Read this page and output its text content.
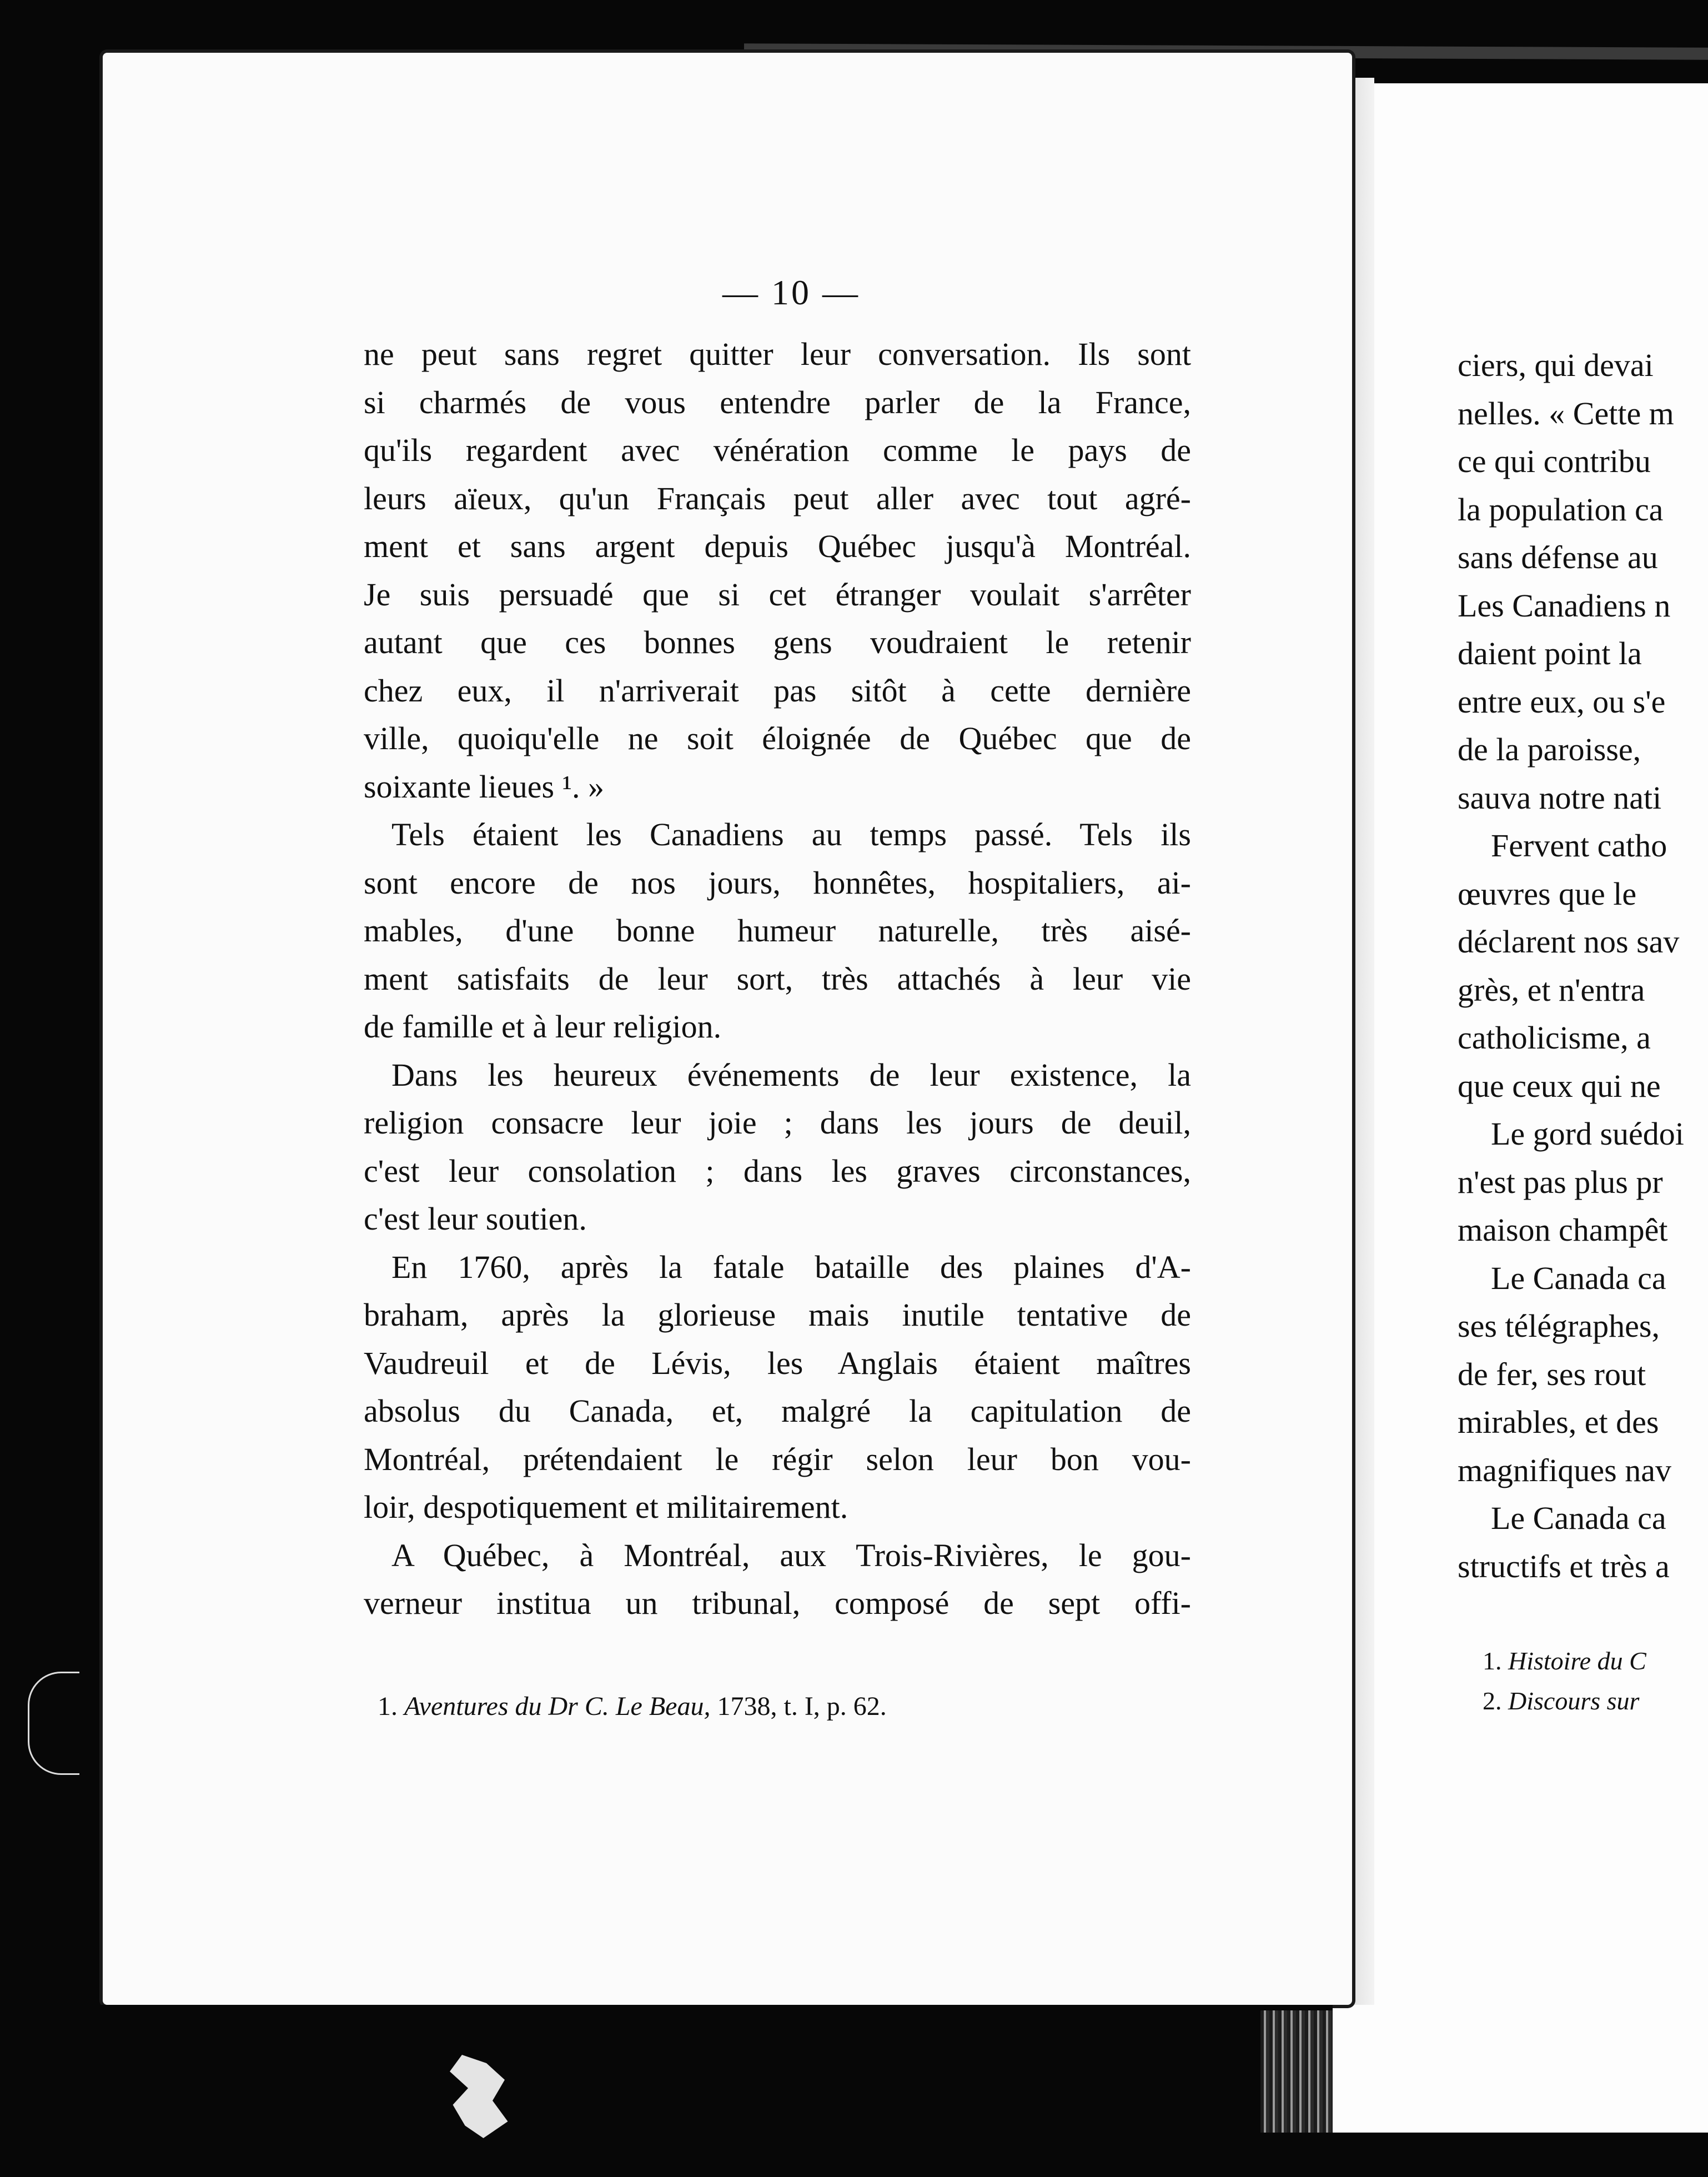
— 10 —
ne peut sans regret quitter leur conversation. Ils sont
si charmés de vous entendre parler de la France,
qu'ils regardent avec vénération comme le pays de
leurs aïeux, qu'un Français peut aller avec tout agré-
ment et sans argent depuis Québec jusqu'à Montréal.
Je suis persuadé que si cet étranger voulait s'arrêter
autant que ces bonnes gens voudraient le retenir
chez eux, il n'arriverait pas sitôt à cette dernière
ville, quoiqu'elle ne soit éloignée de Québec que de
soixante lieues ¹. »
Tels étaient les Canadiens au temps passé. Tels ils
sont encore de nos jours, honnêtes, hospitaliers, ai-
mables, d'une bonne humeur naturelle, très aisé-
ment satisfaits de leur sort, très attachés à leur vie
de famille et à leur religion.
Dans les heureux événements de leur existence, la
religion consacre leur joie ; dans les jours de deuil,
c'est leur consolation ; dans les graves circonstances,
c'est leur soutien.
En 1760, après la fatale bataille des plaines d'A-
braham, après la glorieuse mais inutile tentative de
Vaudreuil et de Lévis, les Anglais étaient maîtres
absolus du Canada, et, malgré la capitulation de
Montréal, prétendaient le régir selon leur bon vou-
loir, despotiquement et militairement.
A Québec, à Montréal, aux Trois-Rivières, le gou-
verneur institua un tribunal, composé de sept offi-
1. Aventures du Dr C. Le Beau, 1738, t. I, p. 62.
ciers, qui devai
nelles. « Cette m
ce qui contribu
la population ca
sans défense au
Les Canadiens n
daient point la
entre eux, ou s'e
de la paroisse,
sauva notre nati
Fervent catho
œuvres que le
déclarent nos sav
grès, et n'entra
catholicisme, a
que ceux qui ne
Le gord suédoi
n'est pas plus pr
maison champêt
Le Canada ca
ses télégraphes,
de fer, ses rout
mirables, et des
magnifiques nav
Le Canada ca
structifs et très a
1. Histoire du C
2. Discours sur
